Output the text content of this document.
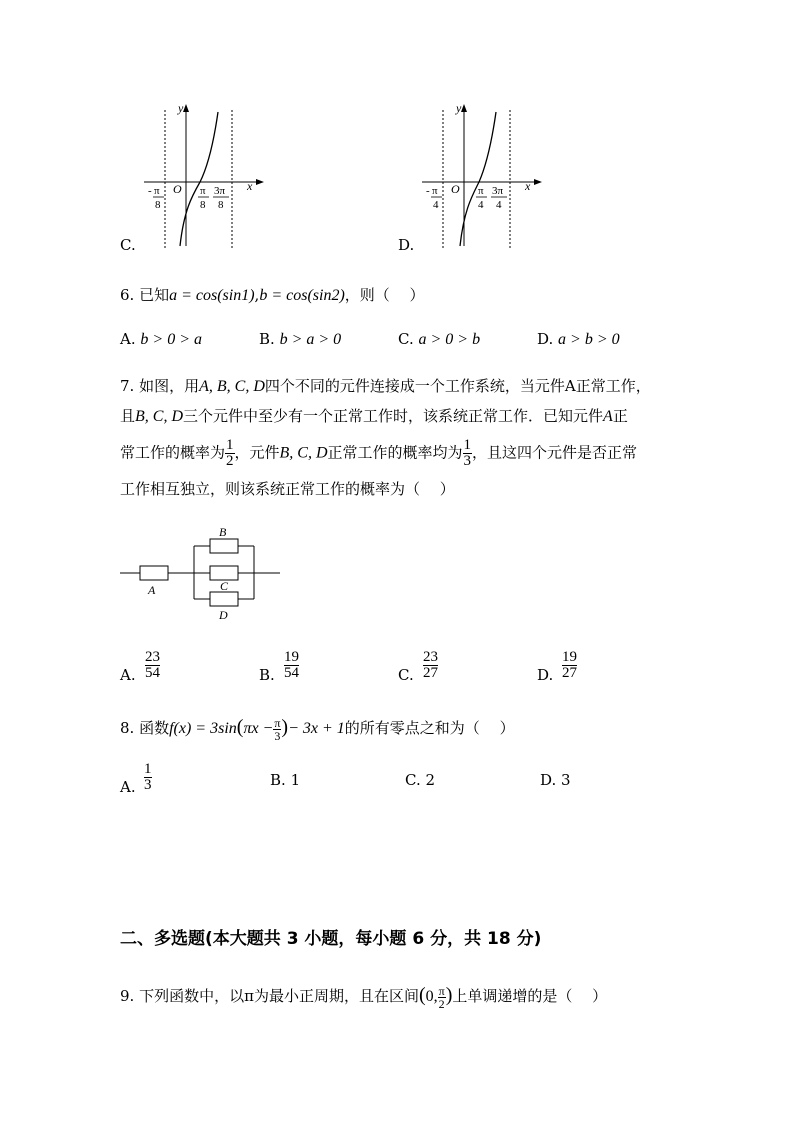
C.
y
x
O
- π
8
π
8
3π
8
D.
y
x
O
- π
4
π
4
3π
4
6. 已知a = cos(sin1),b = cos(sin2)，则（　 ）
A. b > 0 > a	B. b > a > 0	C. a > 0 > b	D. a > b > 0
7. 如图，用A, B, C, D四个不同的元件连接成一个工作系统，当元件A正常工作，
且B, C, D三个元件中至少有一个正常工作时，该系统正常工作．已知元件A正
常工作的概率为 $\frac{1}{2}$ ，元件B, C, D正常工作的概率均为 $\frac{1}{3}$ ，且这四个元件是否正常
工作相互独立，则该系统正常工作的概率为（　 ）
A
B
C
D
A. $\frac{23}{54}$	B. $\frac{19}{54}$	C. $\frac{23}{27}$	D. $\frac{19}{27}$
8. 函数$f(x) = 3\sin(\pi x - \frac{\pi}{3}$ )− 3x + 1的所有零点之和为（　 ）
A. $\frac{1}{3}$	B. 1	C. 2	D. 3
二、多选题(本大题共 3 小题，每小题 6 分，共 18 分)
9. 下列函数中，以π为最小正周期，且在区间(0, $\frac{\pi}{2}$ )上单调递增的是（　 ）
